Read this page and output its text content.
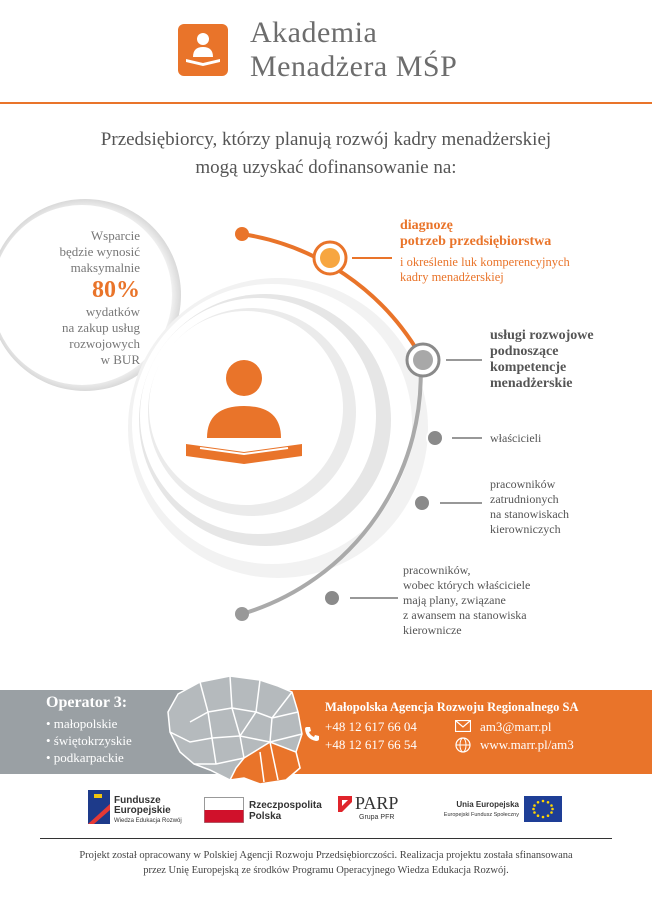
Akademia
Menadżera MŚP
Przedsiębiorcy, którzy planują rozwój kadry menadżerskiej
mogą uzyskać dofinansowanie na:
Wsparcie
będzie wynosić
maksymalnie
80%
wydatków
na zakup usług
rozwojowych
w BUR
diagnozę
potrzeb przedsiębiorstwa
i określenie luk komperencyjnych
kadry menadżerskiej
usługi rozwojowe
podnoszące
kompetencje
menadżerskie
właścicieli
pracowników
zatrudnionych
na stanowiskach
kierowniczych
pracowników,
wobec których właściciele
mają plany, związane
z awansem na stanowiska
kierownicze
Operator 3:
• małopolskie
• świętokrzyskie
• podkarpackie
Małopolska Agencja Rozwoju Regionalnego SA
+48 12 617 66 04
+48 12 617 66 54
am3@marr.pl
www.marr.pl/am3
Fundusze
Europejskie
Wiedza Edukacja Rozwój
Rzeczpospolita
Polska
PARP
Grupa PFR
Unia Europejska
Europejski Fundusz Społeczny
Projekt został opracowany w Polskiej Agencji Rozwoju Przedsiębiorczości. Realizacja projektu została sfinansowana
przez Unię Europejską ze środków Programu Operacyjnego Wiedza Edukacja Rozwój.
